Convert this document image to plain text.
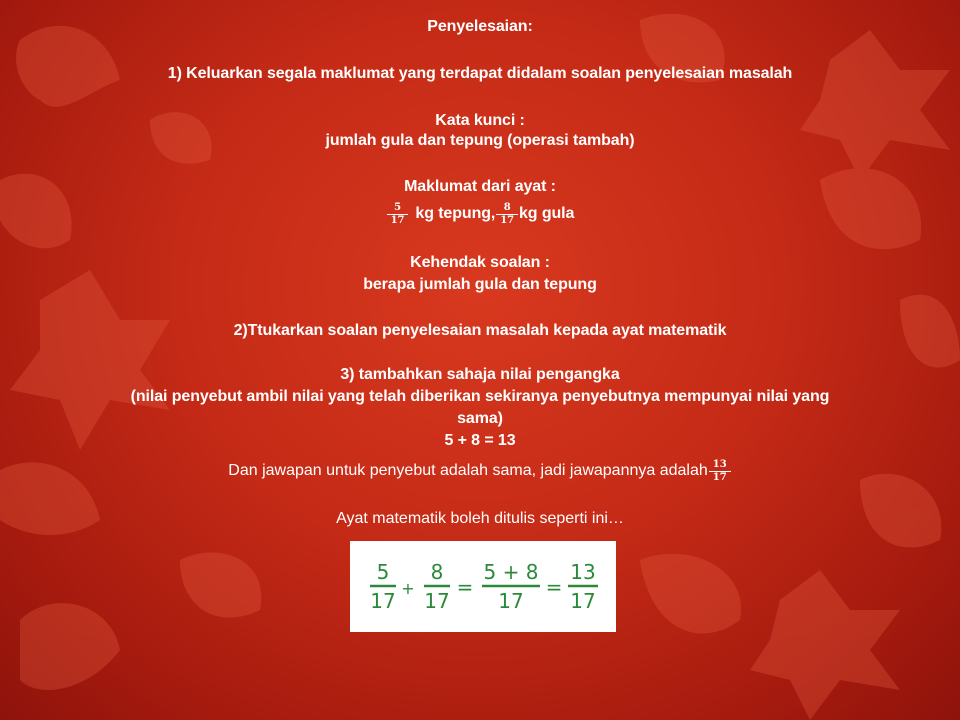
Penyelesaian:
1) Keluarkan segala maklumat yang terdapat didalam soalan penyelesaian masalah
Kata kunci :
jumlah gula dan tepung (operasi tambah)
Maklumat dari ayat :
$\frac{5}{17}$ kg tepung, $\frac{8}{17}$ kg gula
Kehendak soalan :
berapa jumlah gula dan tepung
2)Ttukarkan soalan penyelesaian masalah kepada ayat matematik
3) tambahkan sahaja nilai pengangka
(nilai penyebut ambil nilai yang telah diberikan sekiranya penyebutnya mempunyai nilai yang
sama)
5 + 8 = 13
Dan jawapan untuk penyebut adalah sama, jadi jawapannya adalah $\frac{13}{17}$
Ayat matematik boleh ditulis seperti ini…
5
17
+
8
17
=
5 + 8
17
=
13
17
